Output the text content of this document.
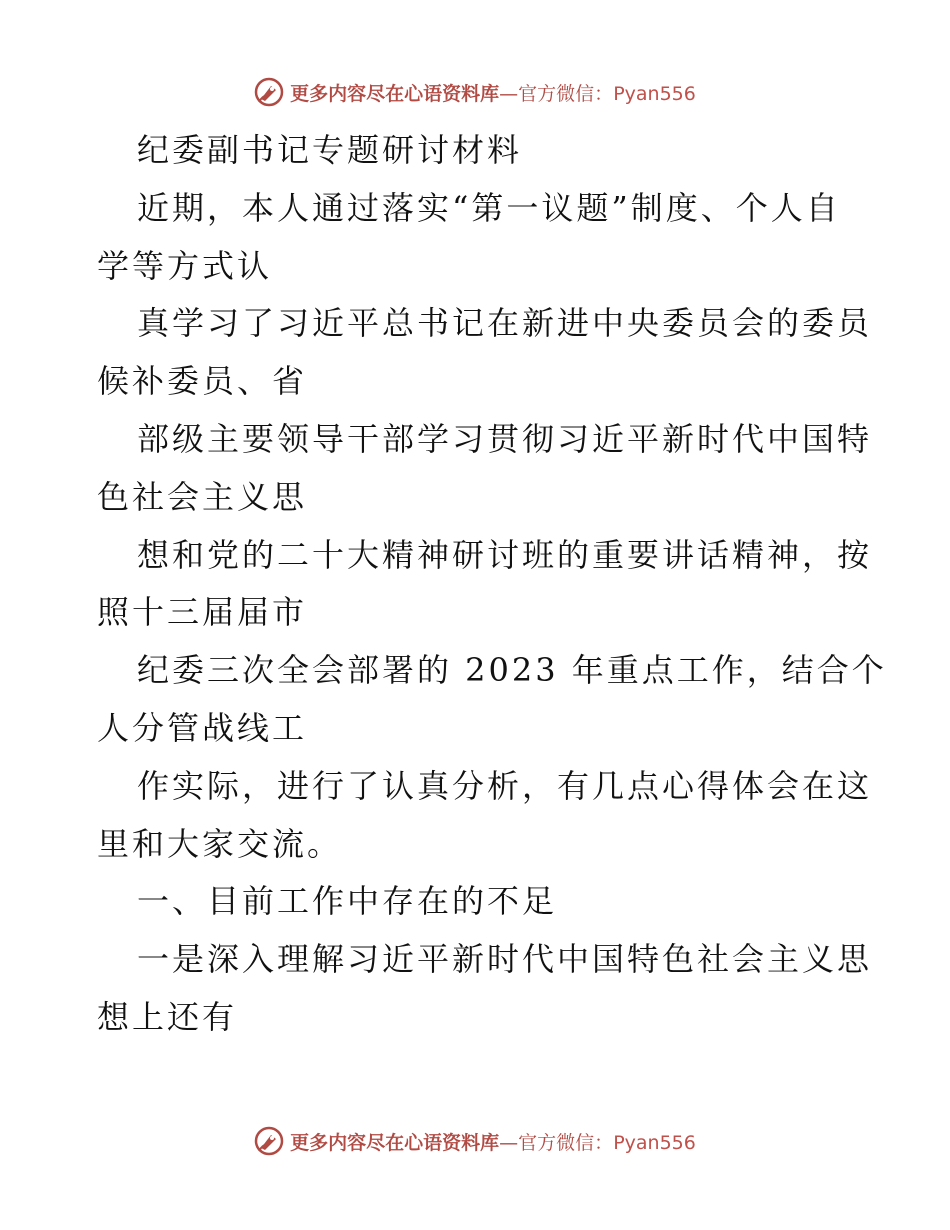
更多内容尽在心语资料库 — 官方微信： Pyan556
纪委副书记专题研讨材料
近期，本人通过落实“第一议题”制度、个人自
学等方式认
真学习了习近平总书记在新进中央委员会的委员
候补委员、省
部级主要领导干部学习贯彻习近平新时代中国特
色社会主义思
想和党的二十大精神研讨班的重要讲话精神，按
照十三届届市
纪委三次全会部署的 2023 年重点工作，结合个
人分管战线工
作实际，进行了认真分析，有几点心得体会在这
里和大家交流。
一、目前工作中存在的不足
一是深入理解习近平新时代中国特色社会主义思
想上还有
更多内容尽在心语资料库 — 官方微信： Pyan556
